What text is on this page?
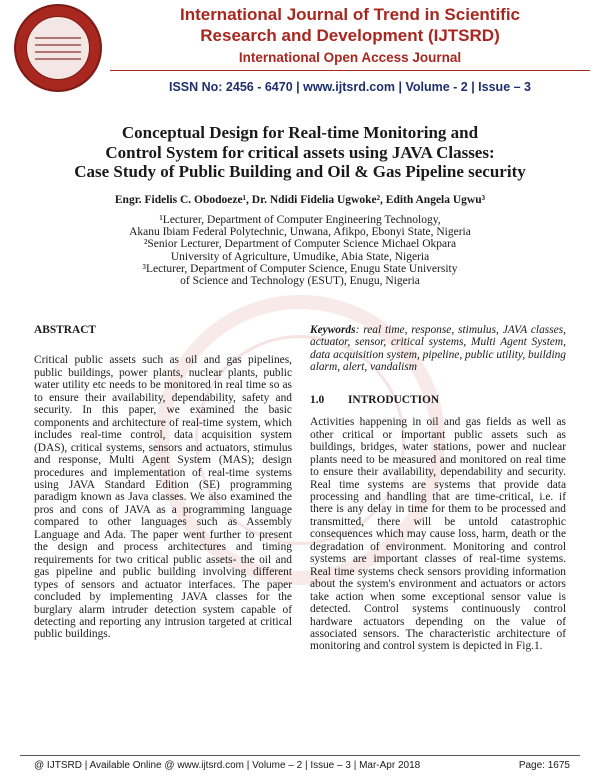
International Journal of Trend in Scientific
Research and Development (IJTSRD)
International Open Access Journal
ISSN No: 2456 - 6470 | www.ijtsrd.com | Volume - 2 | Issue – 3
Conceptual Design for Real-time Monitoring and
Control System for critical assets using JAVA Classes:
Case Study of Public Building and Oil & Gas Pipeline security
Engr. Fidelis C. Obodoeze¹, Dr. Ndidi Fidelia Ugwoke², Edith Angela Ugwu³
¹Lecturer, Department of Computer Engineering Technology,
Akanu Ibiam Federal Polytechnic, Unwana, Afikpo, Ebonyi State, Nigeria
²Senior Lecturer, Department of Computer Science Michael Okpara
University of Agriculture, Umudike, Abia State, Nigeria
³Lecturer, Department of Computer Science, Enugu State University
of Science and Technology (ESUT), Enugu, Nigeria
ABSTRACT

Critical public assets such as oil and gas pipelines, public buildings, power plants, nuclear plants, public water utility etc needs to be monitored in real time so as to ensure their availability, dependability, safety and security. In this paper, we examined the basic components and architecture of real-time system, which includes real-time control, data acquisition system (DAS), critical systems, sensors and actuators, stimulus and response, Multi Agent System (MAS); design procedures and implementation of real-time systems using JAVA Standard Edition (SE) programming paradigm known as Java classes. We also examined the pros and cons of JAVA as a programming language compared to other languages such as Assembly Language and Ada. The paper went further to present the design and process architectures and timing requirements for two critical public assets- the oil and gas pipeline and public building involving different types of sensors and actuator interfaces. The paper concluded by implementing JAVA classes for the burglary alarm intruder detection system capable of detecting and reporting any intrusion targeted at critical public buildings.

Keywords: real time, response, stimulus, JAVA classes, actuator, sensor, critical systems, Multi Agent System, data acquisition system, pipeline, public utility, building alarm, alert, vandalism

1.0	INTRODUCTION

Activities happening in oil and gas fields as well as other critical or important public assets such as buildings, bridges, water stations, power and nuclear plants need to be measured and monitored on real time to ensure their availability, dependability and security. Real time systems are systems that provide data processing and handling that are time-critical, i.e. if there is any delay in time for them to be processed and transmitted, there will be untold catastrophic consequences which may cause loss, harm, death or the degradation of environment. Monitoring and control systems are important classes of real-time systems. Real time systems check sensors providing information about the system's environment and actuators or actors take action when some exceptional sensor value is detected. Control systems continuously control hardware actuators depending on the value of associated sensors. The characteristic architecture of monitoring and control system is depicted in Fig.1.

@ IJTSRD | Available Online @ www.ijtsrd.com | Volume – 2 | Issue – 3 | Mar-Apr 2018	Page: 1675
